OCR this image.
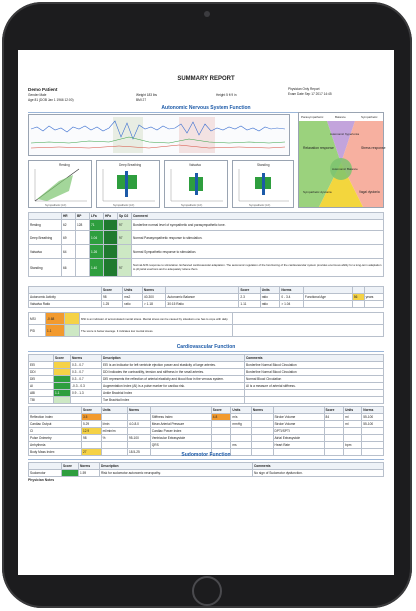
SUMMARY REPORT
Demo Patient
Gender Male
Age 81 (DOB Jan 1 1966 12:00)
Weight 183 lbs
BMI 27
Height 5 ft 9 in
Physician Only Report
Exam Date Sep 17 2017 14:45
Autonomic Nervous System Function
Parasympathetic	Balance	Sympathetic
Relaxation response
Autonomic hypertonia
Stress response
Autonomic Balance
Sympathetic dystonia	Vagal dystonia
Resting
Sympathetic (LF)
Deep Breathing
Sympathetic (LF)
Valsalva
Sympathetic (LF)
Standing
Sympathetic (LF)
	HR	BP	LFa	HFa	Sp O2	Comment
Resting	62	128	71		97	Borderline normal level of sympathetic and parasympathetic tone.
Deep Breathing	69		1.04		97	Normal Parasympathetic response to stimulation.
Valsalva	64		1.26			Normal Sympathetic response to stimulation.
Standing	66		1.40		97	Normal ANS response to stimulation. Enhanced cardiovascular adaptation. The autonomic regulation of the functioning of the cardiovascular system provides enormous ability for a long-term adaptation to physical exertions and to adequately relieve them.
	Score	Units	Norms		Score	Units	Norms			
Autonomic Activity	98	ms2	40-300	Autonomic Balance	2.3	ratio	0 - 3.4	Functional Age	56	years
Valsalva Ratio	1.25	ratio	> 1.18	30:15 Ratio	1.11	ratio	> 1.04			
MSI	-0.68		MSI is an indicator of accumulated mental stress. Mental stress can be caused by situations one has to cope with daily.	
PSI	1.1		The score is below average. It indicates low mental stress.	
Cardiovascular Function
	Score	Norms	Description	Comments
EEI		0.3 - 0.7	EEI is an indicator for left ventricle ejection power and elasticity of large arteries.	Borderline Normal Blood Circulation
DDI		0.3 - 0.7	DDI indicates the contractility, tension and stiffness in the small arteries.	Borderline Normal Blood Circulation
DEI		0.3 - 0.7	DEI represents the reflection of arterial elasticity and blood flow in the venous system.	Normal Blood Circulation
AI		-0.3 - 0.3	Augmentation Index (AI) is a pulse marker for cardiac risk.	AI is a measure of arterial stiffness.
ABI	1.1	0.9 - 1.3	Ankle Brachial Index	
TBI			Toe Brachial Index	
	Score	Units	Norms		Score	Units	Norms		Score	Units	Norms
Reflection Index	3.5			Stiffness Index	4.8	m/s		Stroke Volume	84	ml	55-100
Cardiac Output	5.29	l/min	4.0-8.0	Mean Arterial Pressure		mmHg		Stroke Volume		ml	55-100
CI	12.9	ml/min/m		Cardiac Power Index				DPTI/SPTI			
Pulse Oximetry	98	%	95-100	Ventricular Extrasystole				Atrial Extrasystole			
Arrhythmia				QRS		ms		Heart Rate		bpm	
Body Mass Index	27		18.5-25									Sudomotor Function
	Score	Norms	Description	Comments
Sudomotor		1.59	Risk for sudomotor autonomic neuropathy.	No sign of Sudomotor dysfunction.
Physician Notes
